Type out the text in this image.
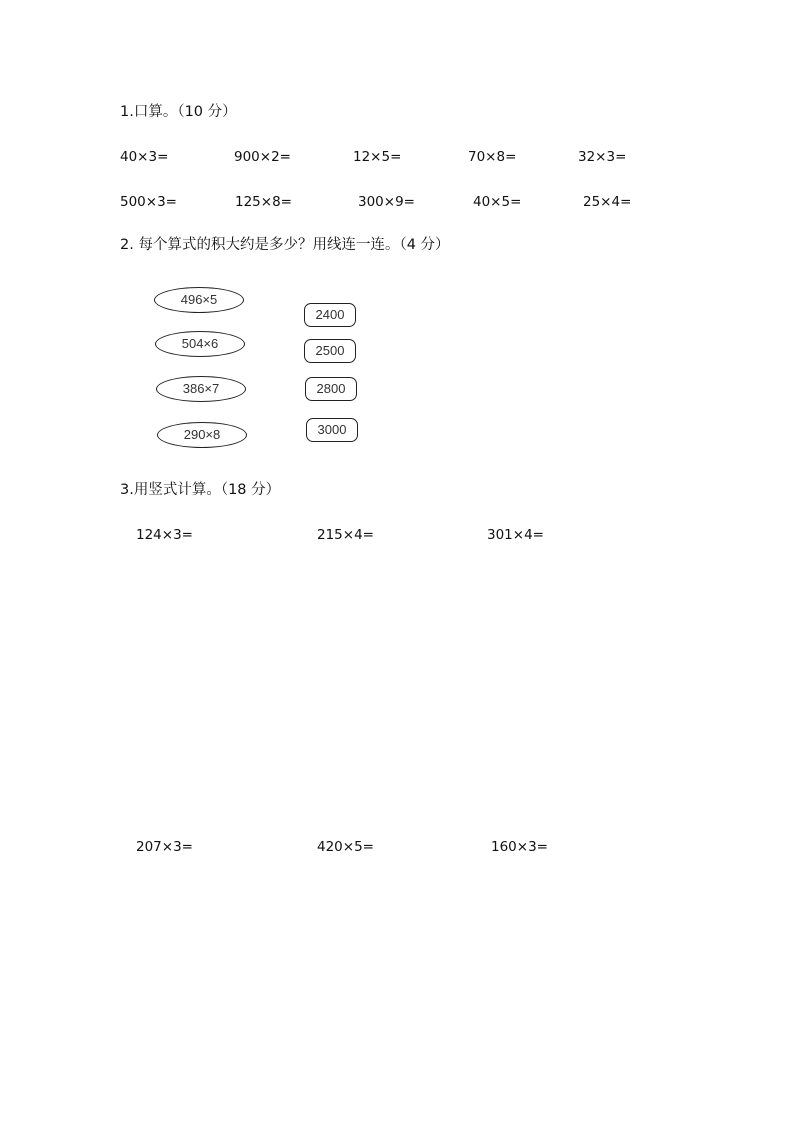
1.口算。（10 分）
40×3=	900×2=	12×5=	70×8=	32×3=
500×3=	125×8=	300×9=	40×5=	25×4=
2. 每个算式的积大约是多少？用线连一连。（4 分）
496×5
504×6
386×7
290×8
2400
2500
2800
3000
3.用竖式计算。（18 分）
124×3=	215×4=	301×4=
207×3=	420×5=	160×3=
